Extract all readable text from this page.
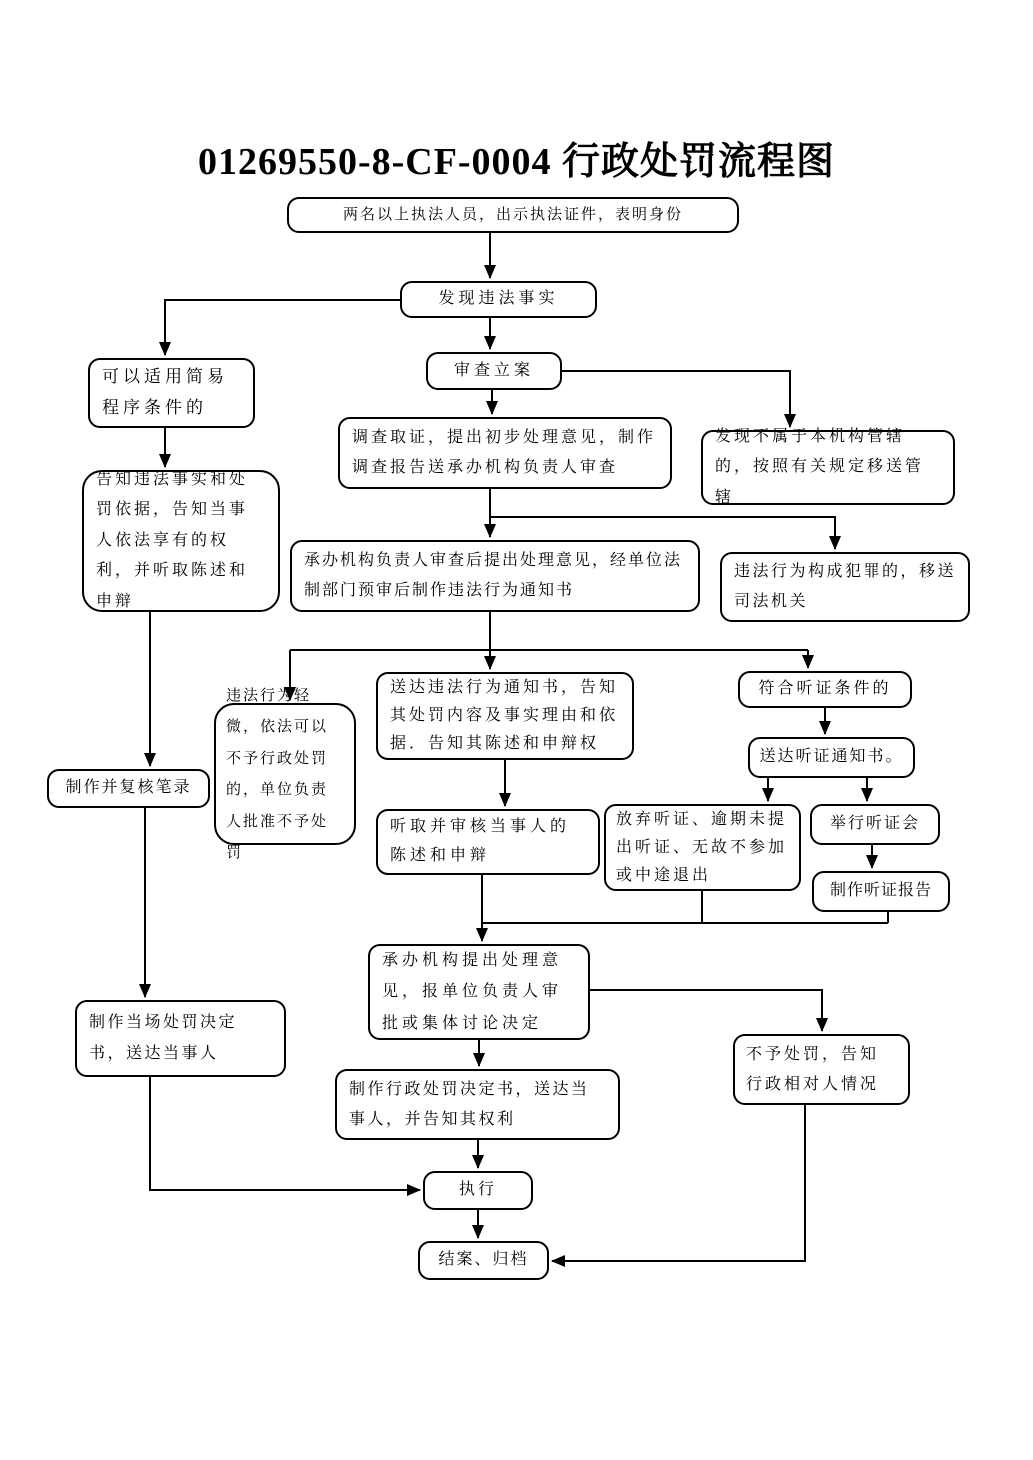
01269550-8-CF-0004 行政处罚流程图
两名以上执法人员，出示执法证件，表明身份
发现违法事实
审查立案
可以适用简易程序条件的
调查取证，提出初步处理意见，制作调查报告送承办机构负责人审查
发现不属于本机构管辖的，按照有关规定移送管辖
告知违法事实和处罚依据，告知当事人依法享有的权利，并听取陈述和申辩
承办机构负责人审查后提出处理意见，经单位法制部门预审后制作违法行为通知书
违法行为构成犯罪的，移送司法机关
送达违法行为通知书，告知其处罚内容及事实理由和依据．告知其陈述和申辩权
违法行为轻微，依法可以不予行政处罚的，单位负责人批准不予处罚
符合听证条件的
送达听证通知书。
制作并复核笔录
听取并审核当事人的陈述和申辩
放弃听证、逾期未提出听证、无故不参加或中途退出
举行听证会
制作听证报告
承办机构提出处理意见，报单位负责人审批或集体讨论决定
制作当场处罚决定书，送达当事人	不予处罚，告知行政相对人情况
制作行政处罚决定书，送达当事人，并告知其权利
执行
结案、归档
